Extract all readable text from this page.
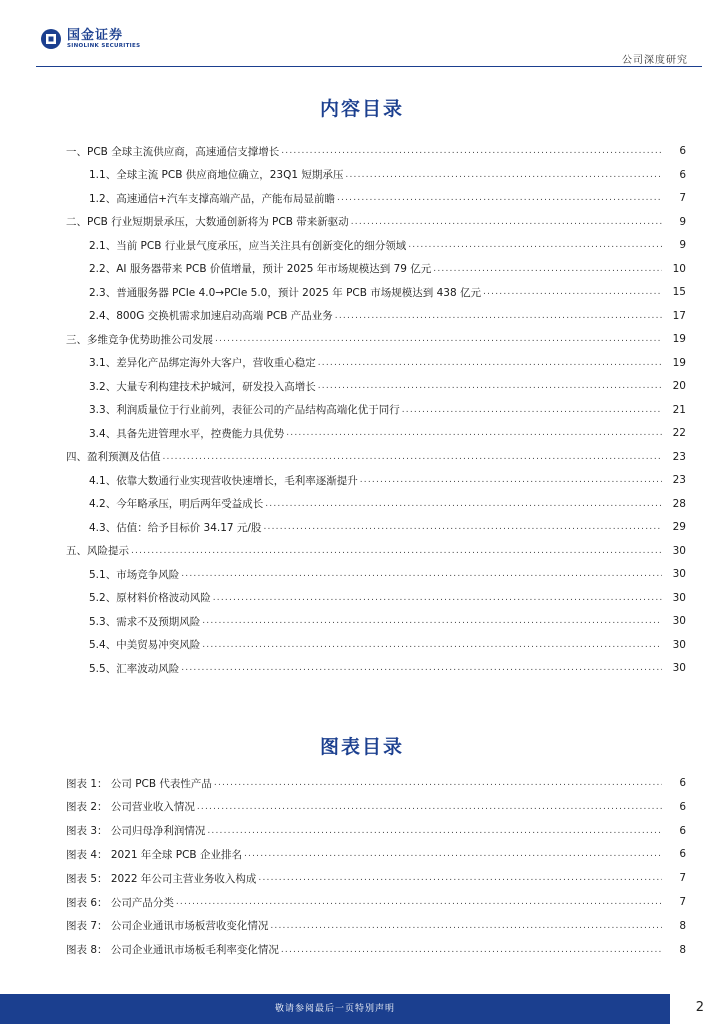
国金证券
SINOLINK SECURITIES
公司深度研究
内容目录
一、PCB 全球主流供应商，高速通信支撑增长 .....	6
1.1、全球主流 PCB 供应商地位确立，23Q1 短期承压 .....	6
1.2、高速通信+汽车支撑高端产品，产能布局显前瞻 .....	7
二、PCB 行业短期景承压，大数通创新将为 PCB 带来新驱动 .....	9
2.1、当前 PCB 行业景气度承压，应当关注具有创新变化的细分领域 .....	9
2.2、AI 服务器带来 PCB 价值增量，预计 2025 年市场规模达到 79 亿元 .....	10
2.3、普通服务器 PCIe 4.0→PCIe 5.0，预计 2025 年 PCB 市场规模达到 438 亿元 .....	15
2.4、800G 交换机需求加速启动高端 PCB 产品业务 .....	17
三、多维竞争优势助推公司发展 .....	19
3.1、差异化产品绑定海外大客户，营收重心稳定 .....	19
3.2、大量专利构建技术护城河，研发投入高增长 .....	20
3.3、利润质量位于行业前列，表征公司的产品结构高端化优于同行 .....	21
3.4、具备先进管理水平，控费能力具优势 .....	22
四、盈利预测及估值 .....	23
4.1、依靠大数通行业实现营收快速增长，毛利率逐渐提升 .....	23
4.2、今年略承压，明后两年受益成长 .....	28
4.3、估值：给予目标价 34.17 元/股 .....	29
五、风险提示 .....	30
5.1、市场竞争风险 .....	30
5.2、原材料价格波动风险 .....	30
5.3、需求不及预期风险 .....	30
5.4、中美贸易冲突风险 .....	30
5.5、汇率波动风险 .....	30
图表目录
图表 1： 公司 PCB 代表性产品 .....	6
图表 2： 公司营业收入情况 .....	6
图表 3： 公司归母净利润情况 .....	6
图表 4： 2021 年全球 PCB 企业排名 .....	6
图表 5： 2022 年公司主营业务收入构成 .....	7
图表 6： 公司产品分类 .....	7
图表 7： 公司企业通讯市场板营收变化情况 .....	8
图表 8： 公司企业通讯市场板毛利率变化情况 .....	8
敬请参阅最后一页特别声明	2
